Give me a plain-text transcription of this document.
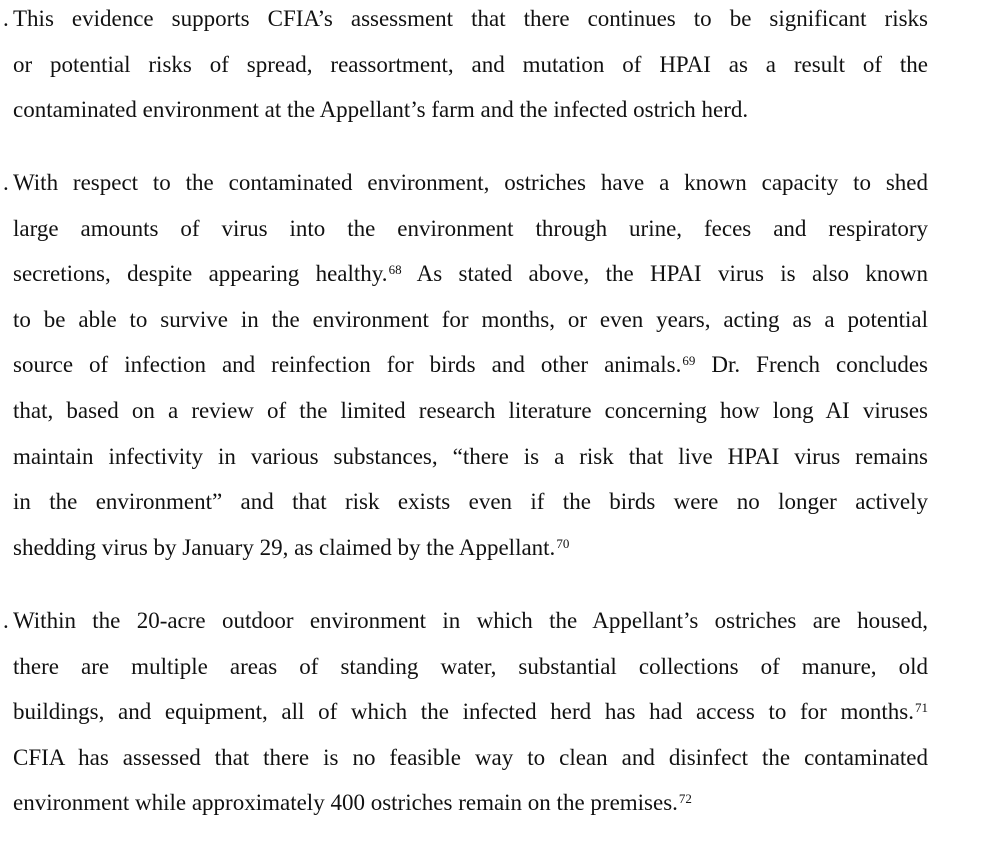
. This evidence supports CFIA’s assessment that there continues to be significant risks
or potential risks of spread, reassortment, and mutation of HPAI as a result of the
contaminated environment at the Appellant’s farm and the infected ostrich herd.
. With respect to the contaminated environment, ostriches have a known capacity to shed
large amounts of virus into the environment through urine, feces and respiratory
secretions, despite appearing healthy.$^{68}$ As stated above, the HPAI virus is also known
to be able to survive in the environment for months, or even years, acting as a potential
source of infection and reinfection for birds and other animals.$^{69}$ Dr. French concludes
that, based on a review of the limited research literature concerning how long AI viruses
maintain infectivity in various substances, “there is a risk that live HPAI virus remains
in the environment” and that risk exists even if the birds were no longer actively
shedding virus by January 29, as claimed by the Appellant.$^{70}$
. Within the 20-acre outdoor environment in which the Appellant’s ostriches are housed,
there are multiple areas of standing water, substantial collections of manure, old
buildings, and equipment, all of which the infected herd has had access to for months.$^{71}$
CFIA has assessed that there is no feasible way to clean and disinfect the contaminated
environment while approximately 400 ostriches remain on the premises.$^{72}$
